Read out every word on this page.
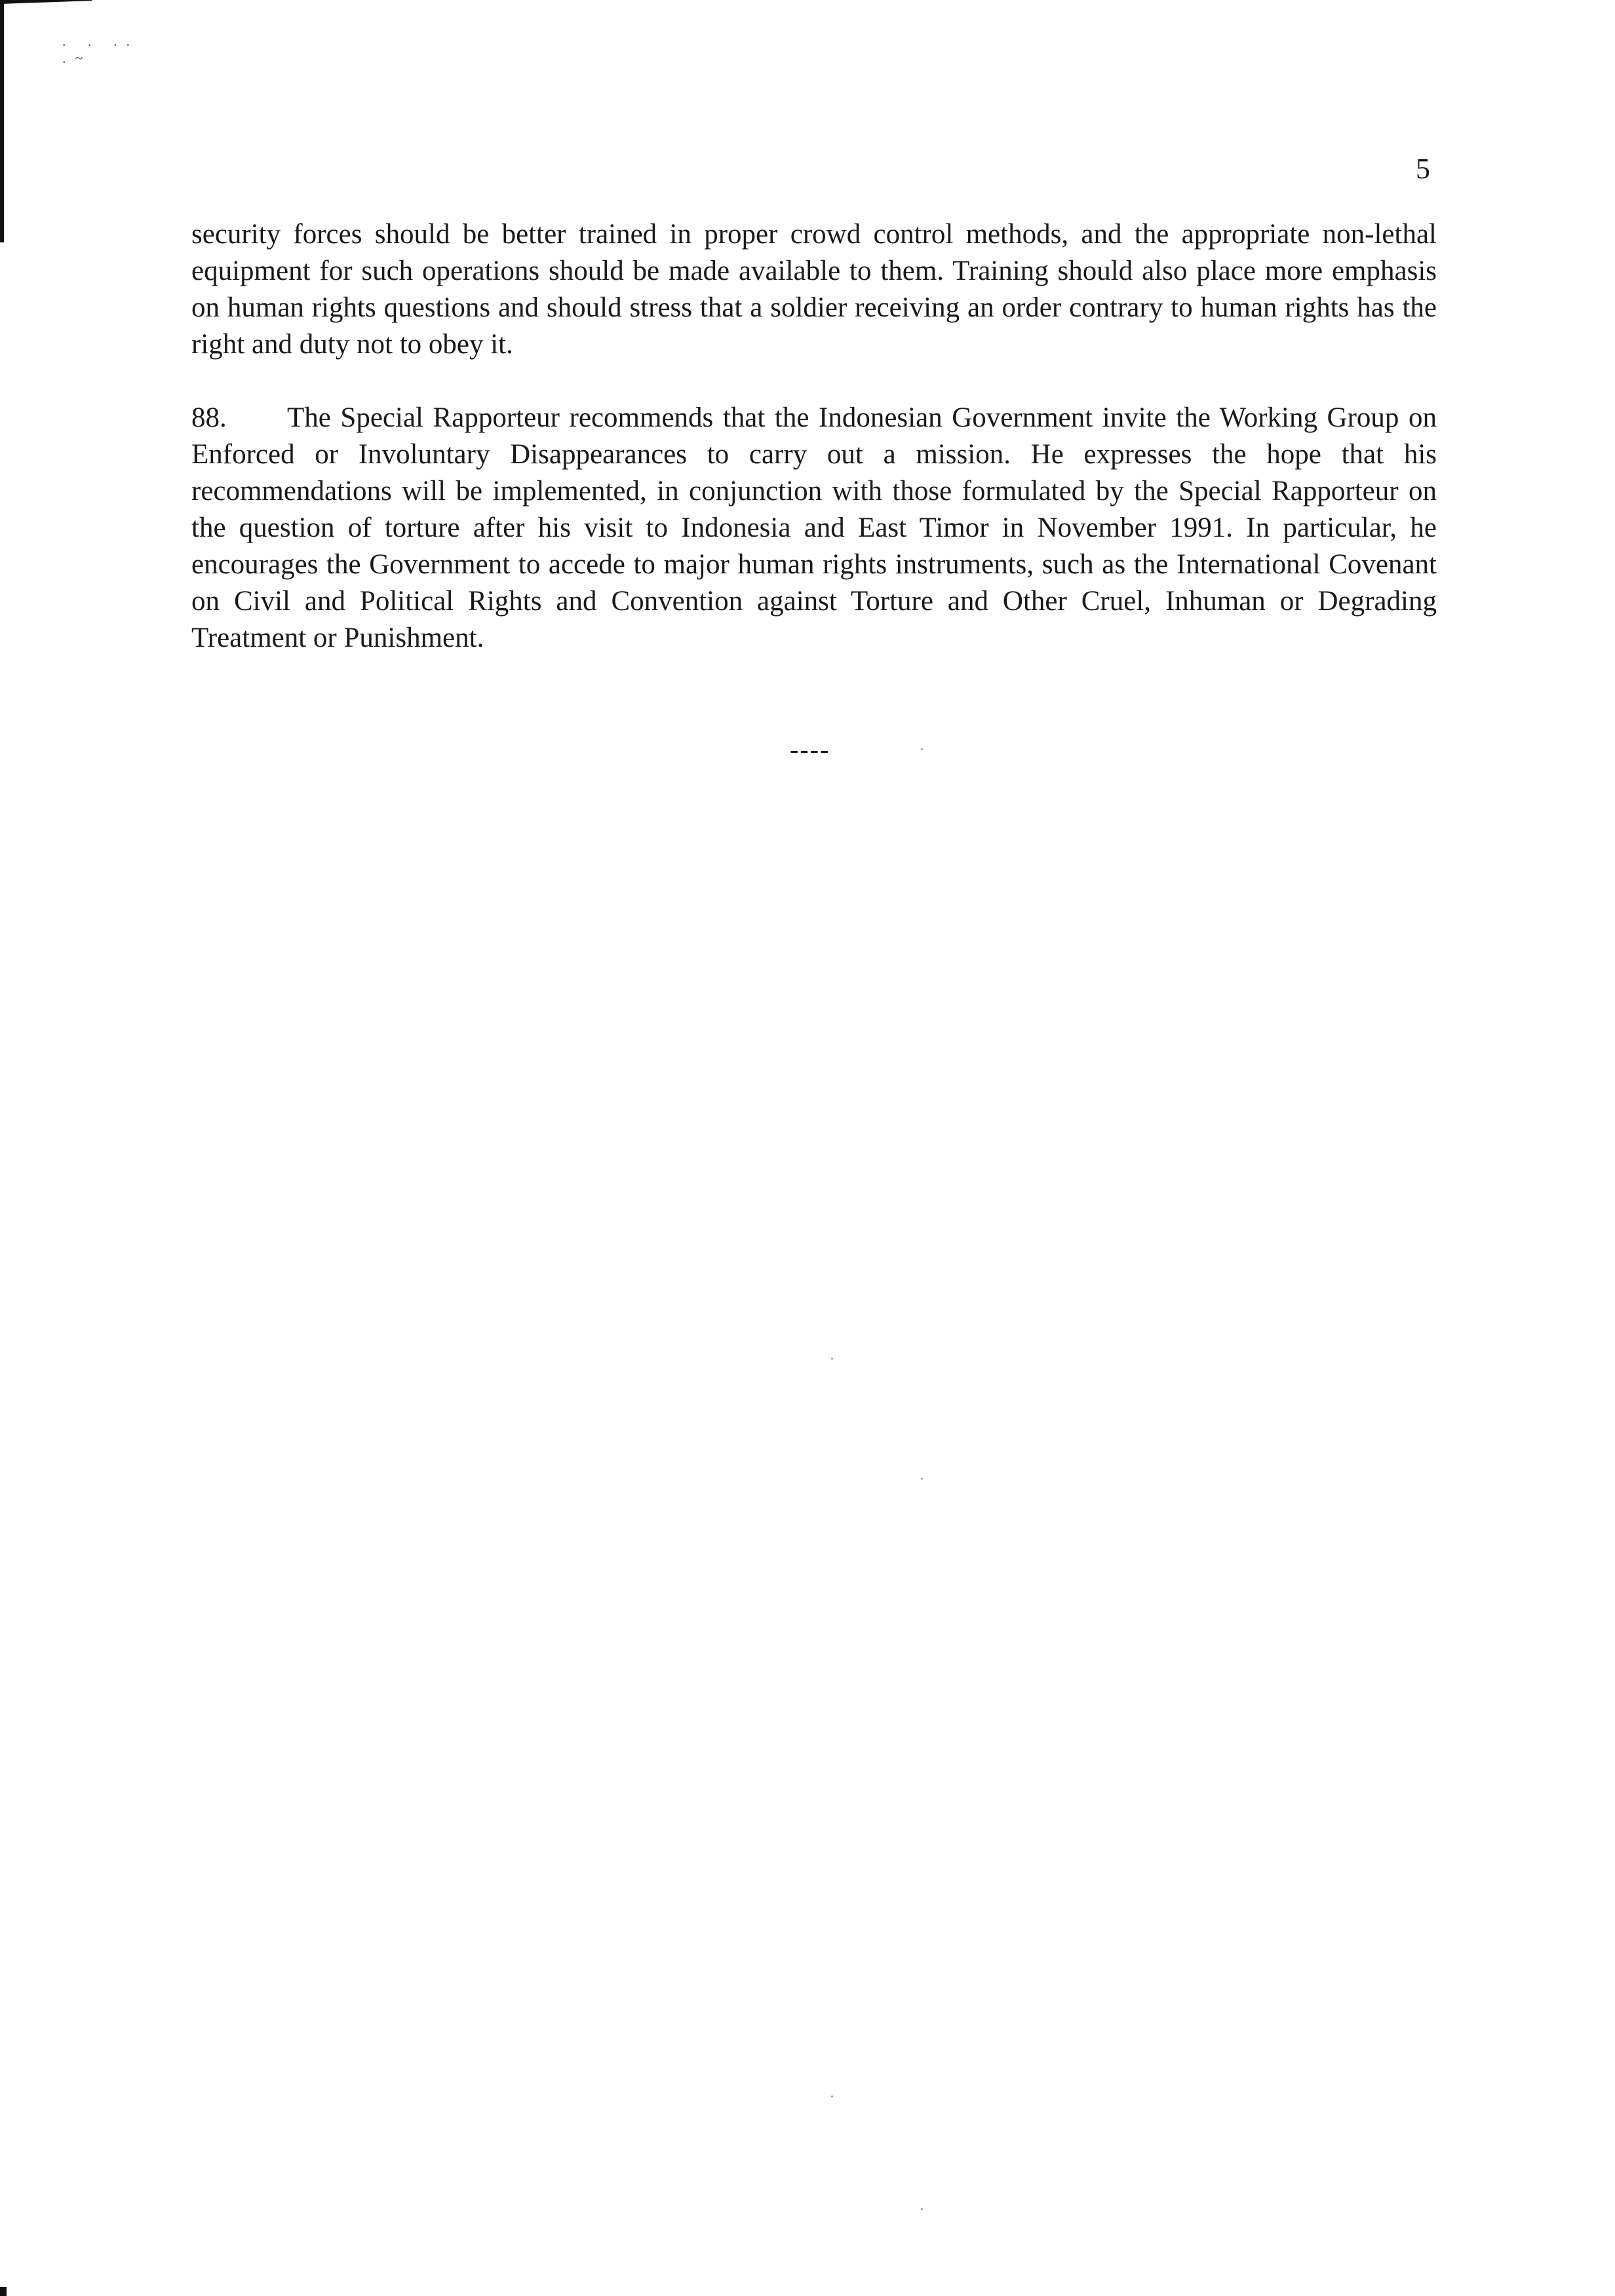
. . .. .~
5

security forces should be better trained in proper crowd control methods, and the appropriate non-lethal equipment for such operations should be made available to them. Training should also place more emphasis on human rights questions and should stress that a soldier receiving an order contrary to human rights has the right and duty not to obey it.

88. The Special Rapporteur recommends that the Indonesian Government invite the Working Group on Enforced or Involuntary Disappearances to carry out a mission. He expresses the hope that his recommendations will be implemented, in conjunction with those formulated by the Special Rapporteur on the question of torture after his visit to Indonesia and East Timor in November 1991. In particular, he encourages the Government to accede to major human rights instruments, such as the International Covenant on Civil and Political Rights and Convention against Torture and Other Cruel, Inhuman or Degrading Treatment or Punishment.

----
